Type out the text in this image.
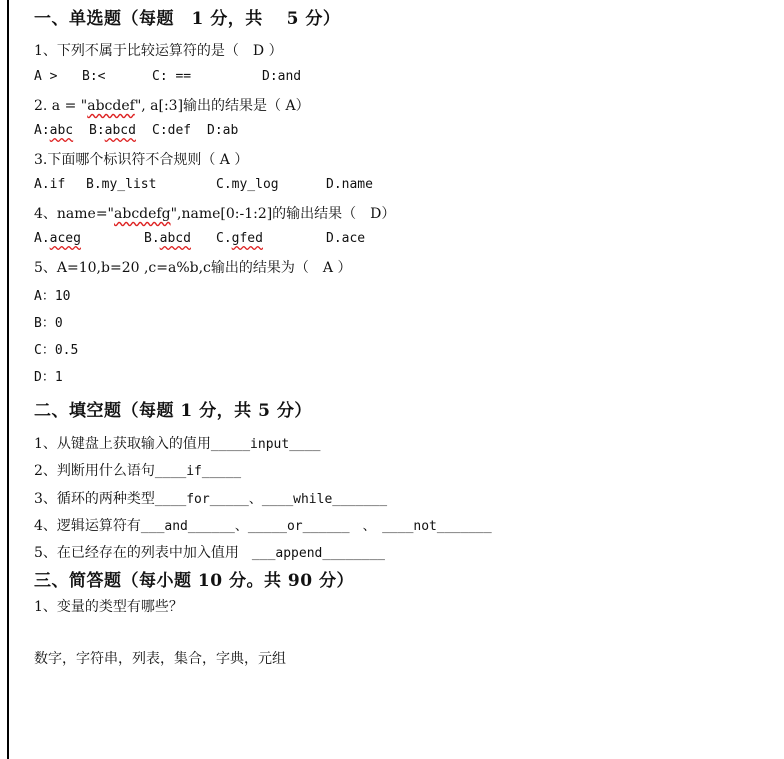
一、单选题（每题　1 分，共　 5 分）
1、下列不属于比较运算符的是（　D ）
A > B:<	C: ==	D:and
2. a = "abcdef", a[:3]输出的结果是（ A）
A:abc B:abcd C:def D:ab
3.下面哪个标识符不合规则（ A ）
A.if B.my_list	C.my_log	D.name
4、name="abcdefg",name[0:-1:2]的输出结果（　D）
A.aceg	B.abcd C.gfed	D.ace
5、A=10,b=20 ,c=a%b,c输出的结果为（　A ）
A：10
B：0
C：0.5
D：1
二、填空题（每题 1 分，共 5 分）
1、从键盘上获取输入的值用_____input____
2、判断用什么语句____if_____
3、循环的两种类型____for_____、____while_______
4、逻辑运算符有___and______、_____or______　、　____not_______
5、在已经存在的列表中加入值用　___append________
三、简答题（每小题 10 分。共 90 分）
1、变量的类型有哪些？
数字，字符串，列表，集合，字典，元组
